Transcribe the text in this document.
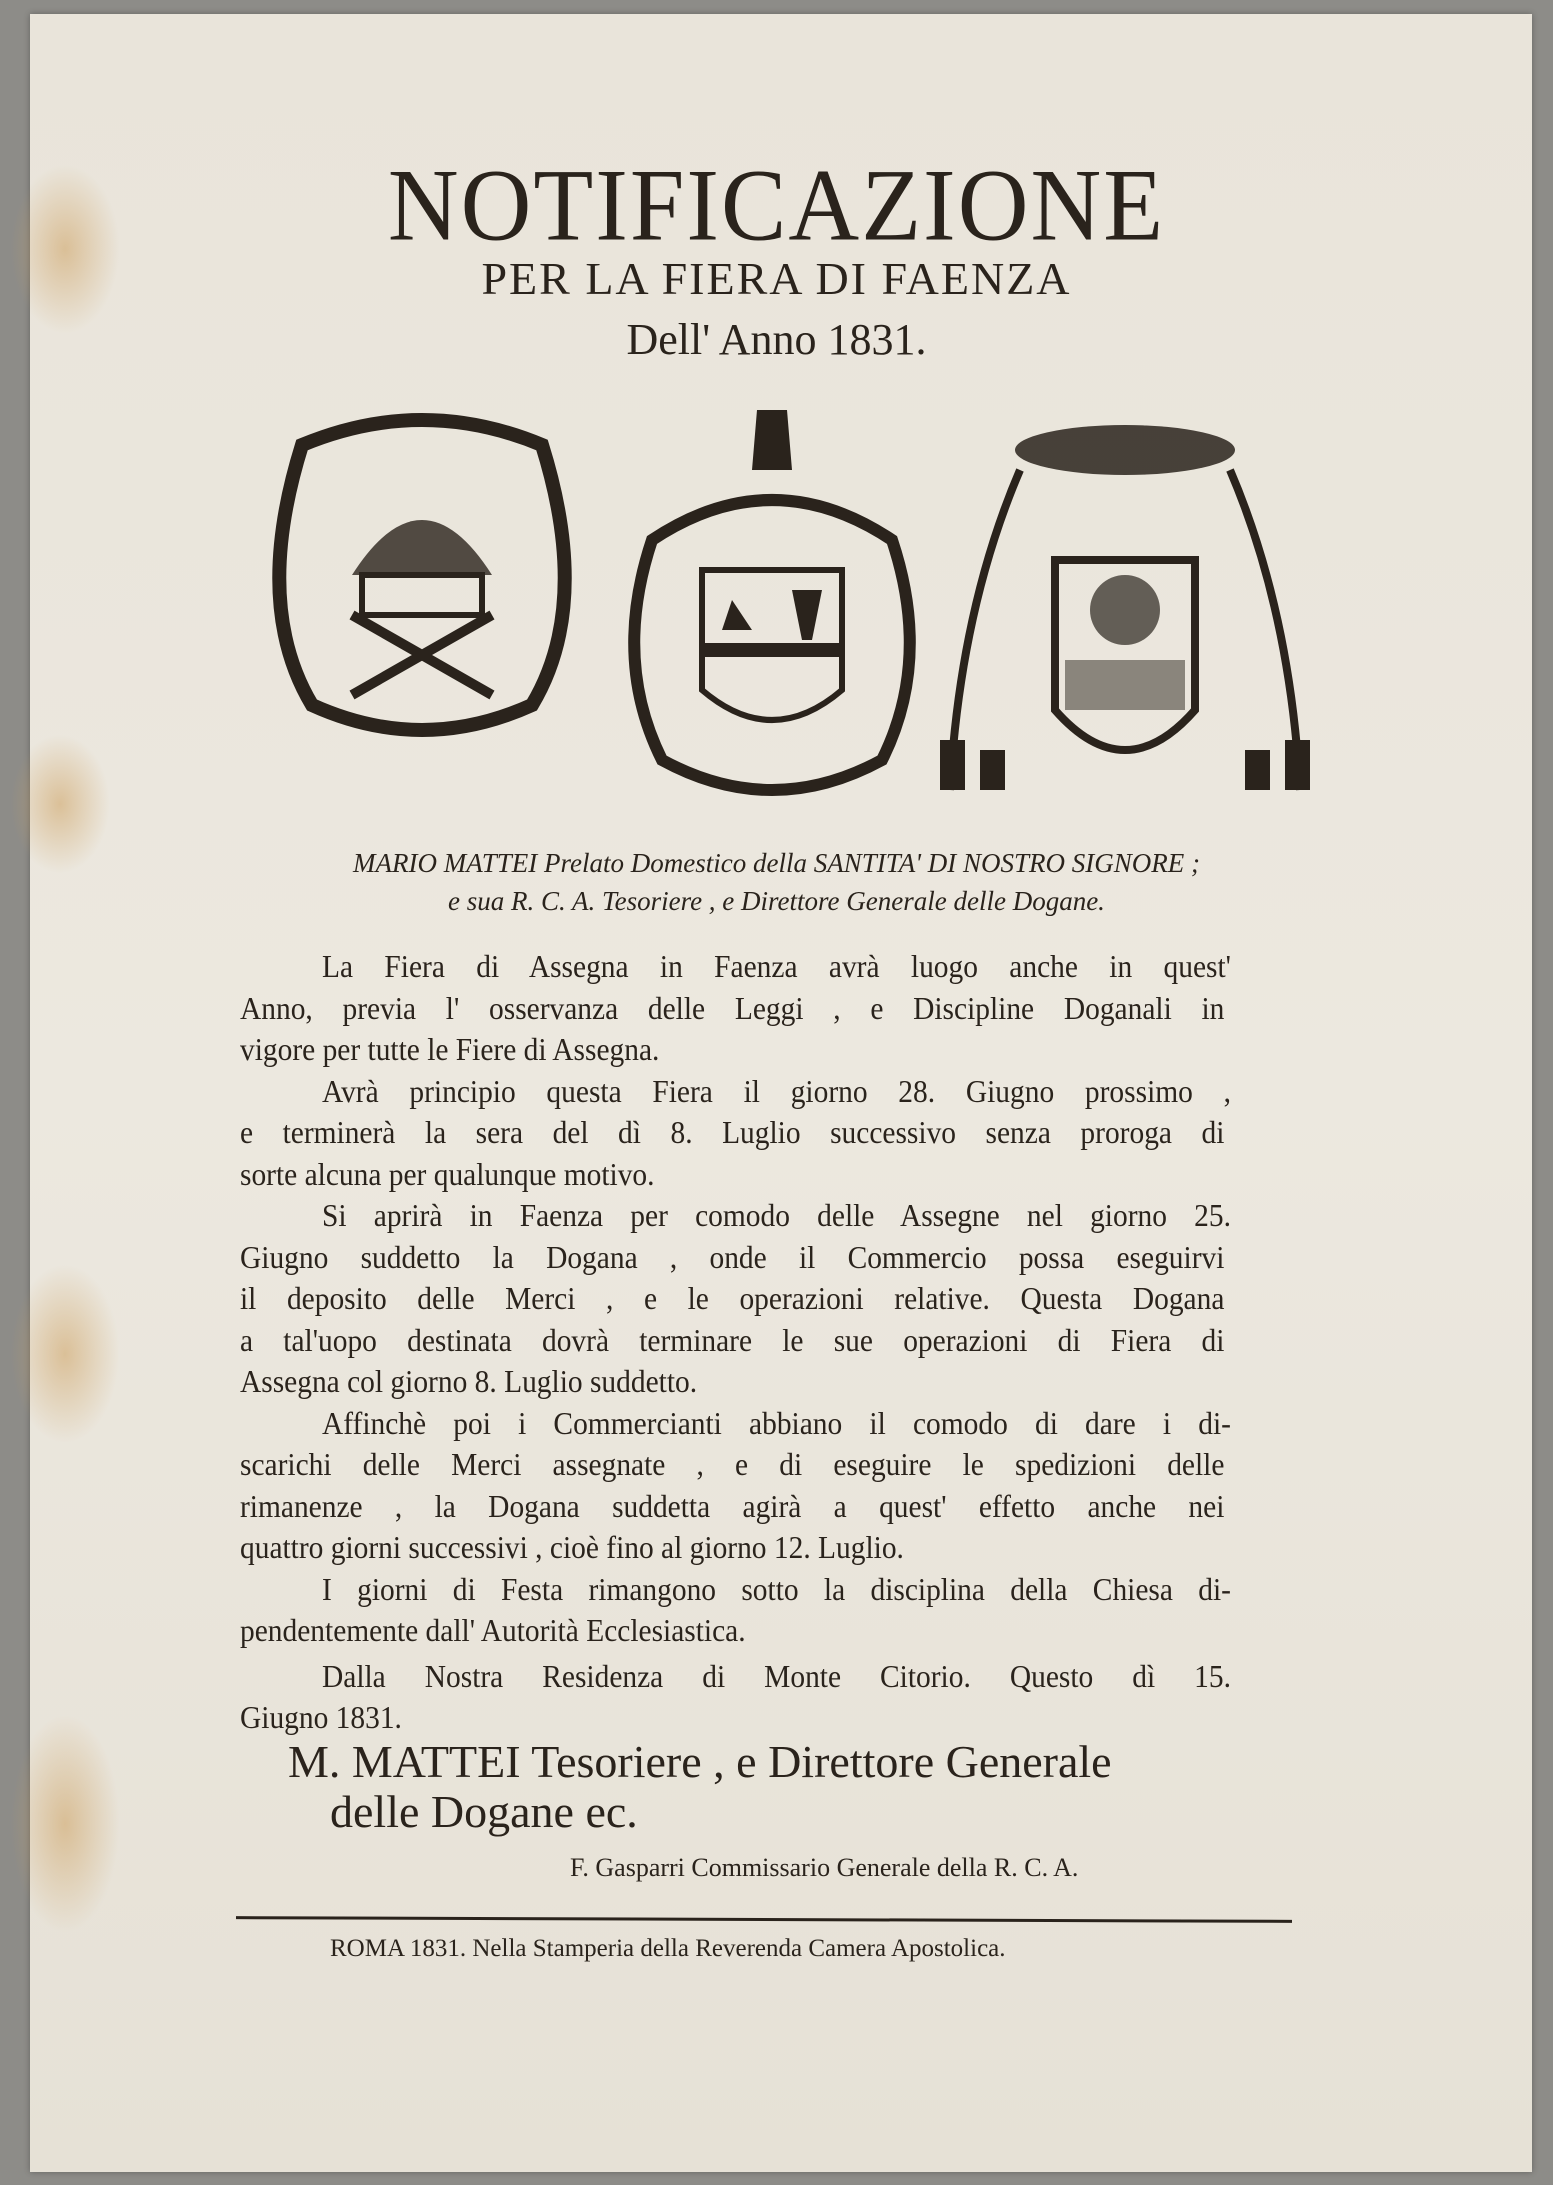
NOTIFICAZIONE
PER LA FIERA DI FAENZA
Dell' Anno 1831.
MARIO MATTEI Prelato Domestico della SANTITA' DI NOSTRO SIGNORE ;
e sua R. C. A. Tesoriere , e Direttore Generale delle Dogane.
La Fiera di Assegna in Faenza avrà luogo anche in quest'
Anno, previa l' osservanza delle Leggi , e Discipline Doganali in
vigore per tutte le Fiere di Assegna.
Avrà principio questa Fiera il giorno 28. Giugno prossimo ,
e terminerà la sera del dì 8. Luglio successivo senza proroga di
sorte alcuna per qualunque motivo.
Si aprirà in Faenza per comodo delle Assegne nel giorno 25.
Giugno suddetto la Dogana , onde il Commercio possa eseguirvi
il deposito delle Merci , e le operazioni relative. Questa Dogana
a tal'uopo destinata dovrà terminare le sue operazioni di Fiera di
Assegna col giorno 8. Luglio suddetto.
Affinchè poi i Commercianti abbiano il comodo di dare i di-
scarichi delle Merci assegnate , e di eseguire le spedizioni delle
rimanenze , la Dogana suddetta agirà a quest' effetto anche nei
quattro giorni successivi , cioè fino al giorno 12. Luglio.
I giorni di Festa rimangono sotto la disciplina della Chiesa di-
pendentemente dall' Autorità Ecclesiastica.
Dalla Nostra Residenza di Monte Citorio. Questo dì 15.
Giugno 1831.
M. MATTEI Tesoriere , e Direttore Generale
delle Dogane ec.
F. Gasparri Commissario Generale della R. C. A.
ROMA 1831. Nella Stamperia della Reverenda Camera Apostolica.
